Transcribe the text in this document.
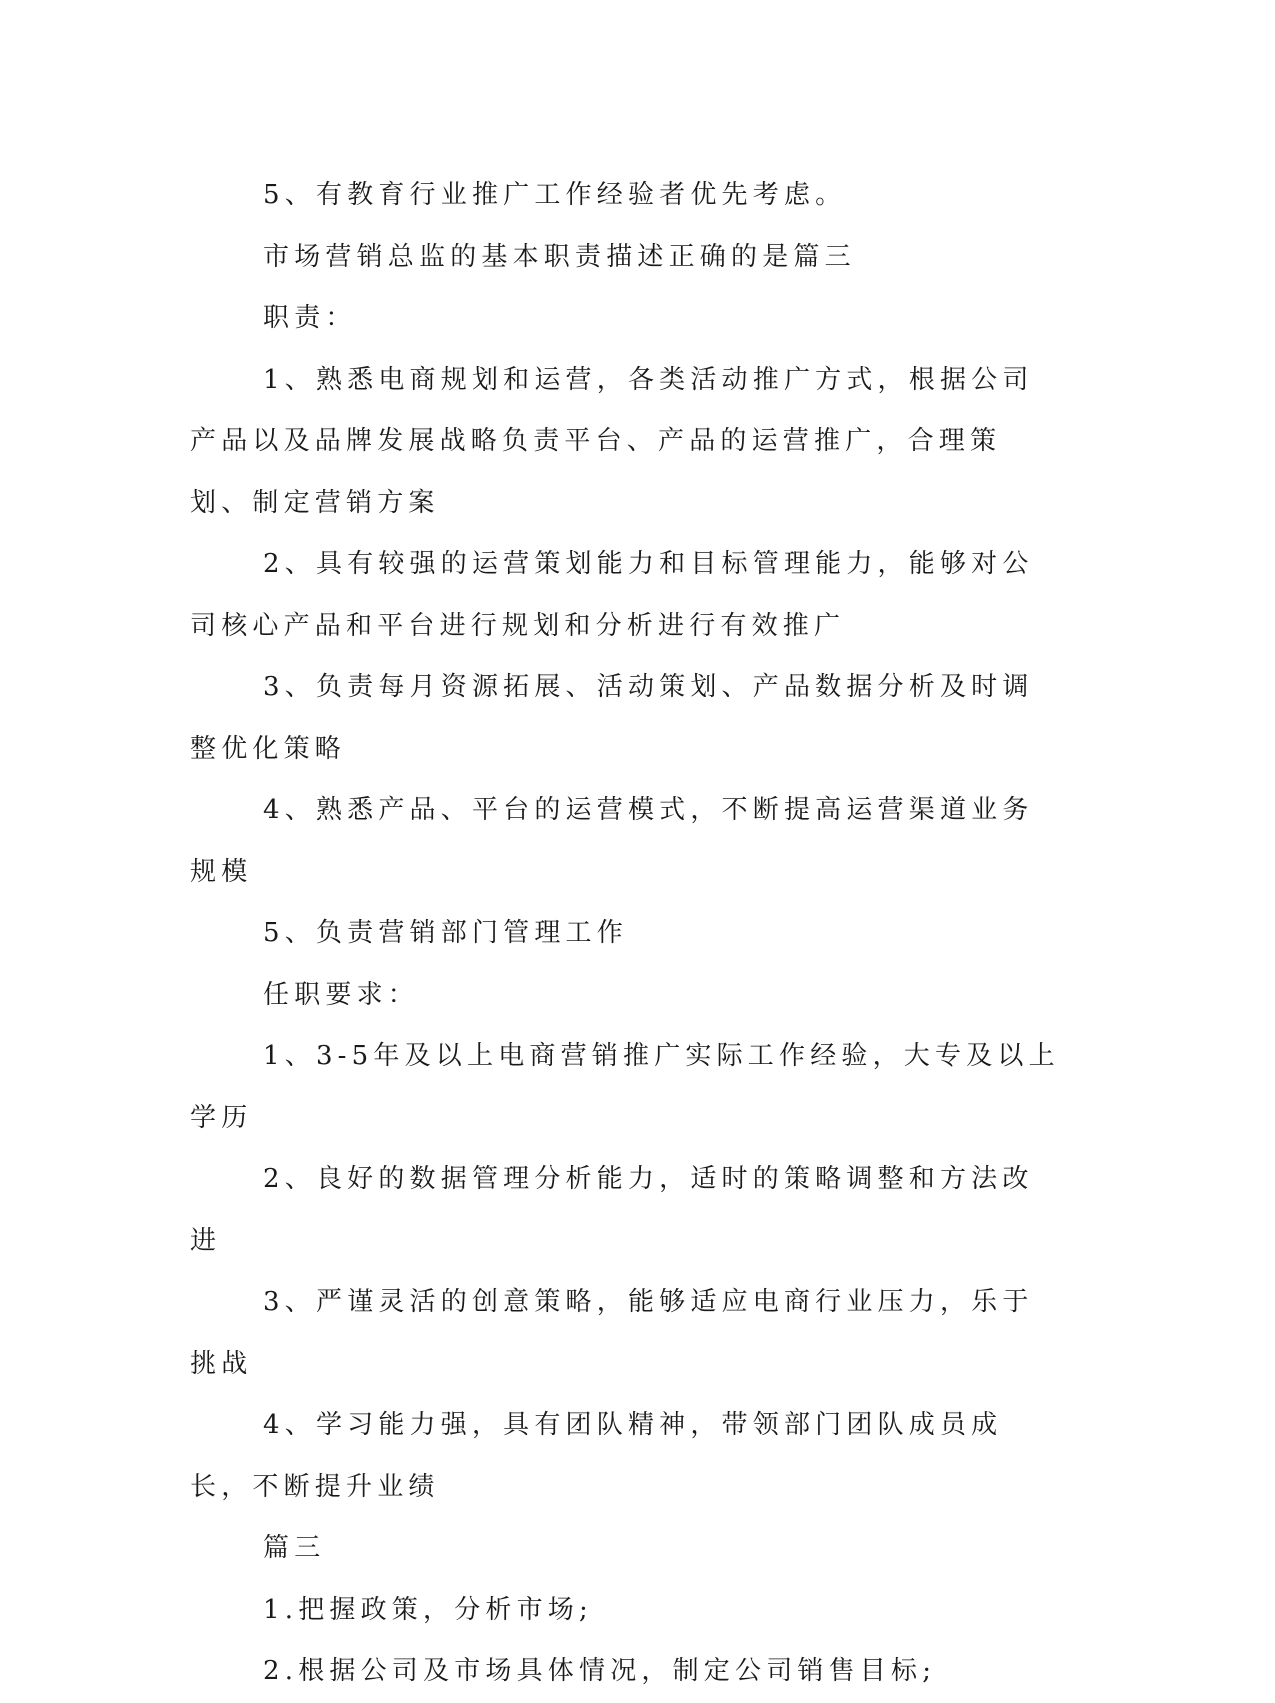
5、有教育行业推广工作经验者优先考虑。

市场营销总监的基本职责描述正确的是篇三

职责：

1、熟悉电商规划和运营，各类活动推广方式，根据公司产品以及品牌发展战略负责平台、产品的运营推广，合理策划、制定营销方案

2、具有较强的运营策划能力和目标管理能力，能够对公司核心产品和平台进行规划和分析进行有效推广

3、负责每月资源拓展、活动策划、产品数据分析及时调整优化策略

4、熟悉产品、平台的运营模式，不断提高运营渠道业务规模

5、负责营销部门管理工作

任职要求：

1、3-5年及以上电商营销推广实际工作经验，大专及以上学历

2、良好的数据管理分析能力，适时的策略调整和方法改进

3、严谨灵活的创意策略，能够适应电商行业压力，乐于挑战

4、学习能力强，具有团队精神，带领部门团队成员成长，不断提升业绩

篇三

1.把握政策，分析市场;

2.根据公司及市场具体情况，制定公司销售目标;
